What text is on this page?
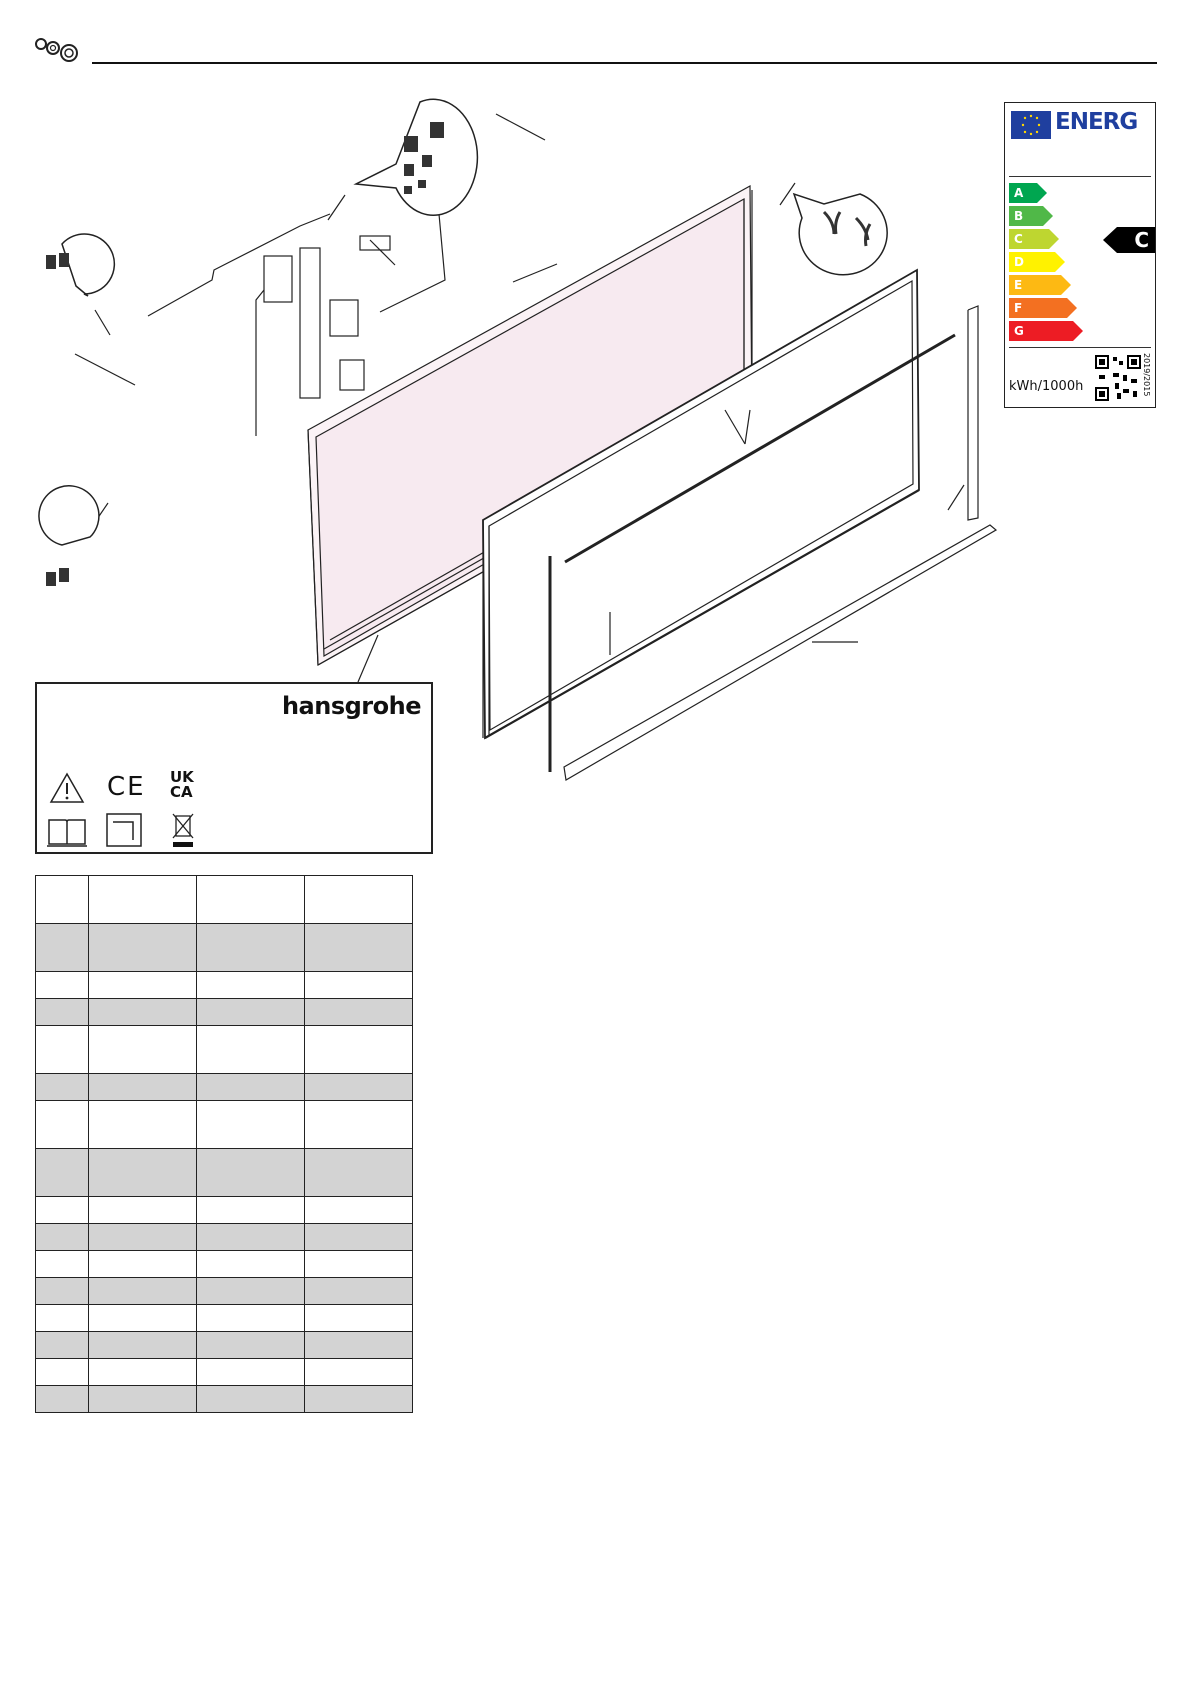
ENERG
A
B
C
D
E
F
G
C
kWh/1000h	2019/2015
hansgrohe
CE UK
CA
